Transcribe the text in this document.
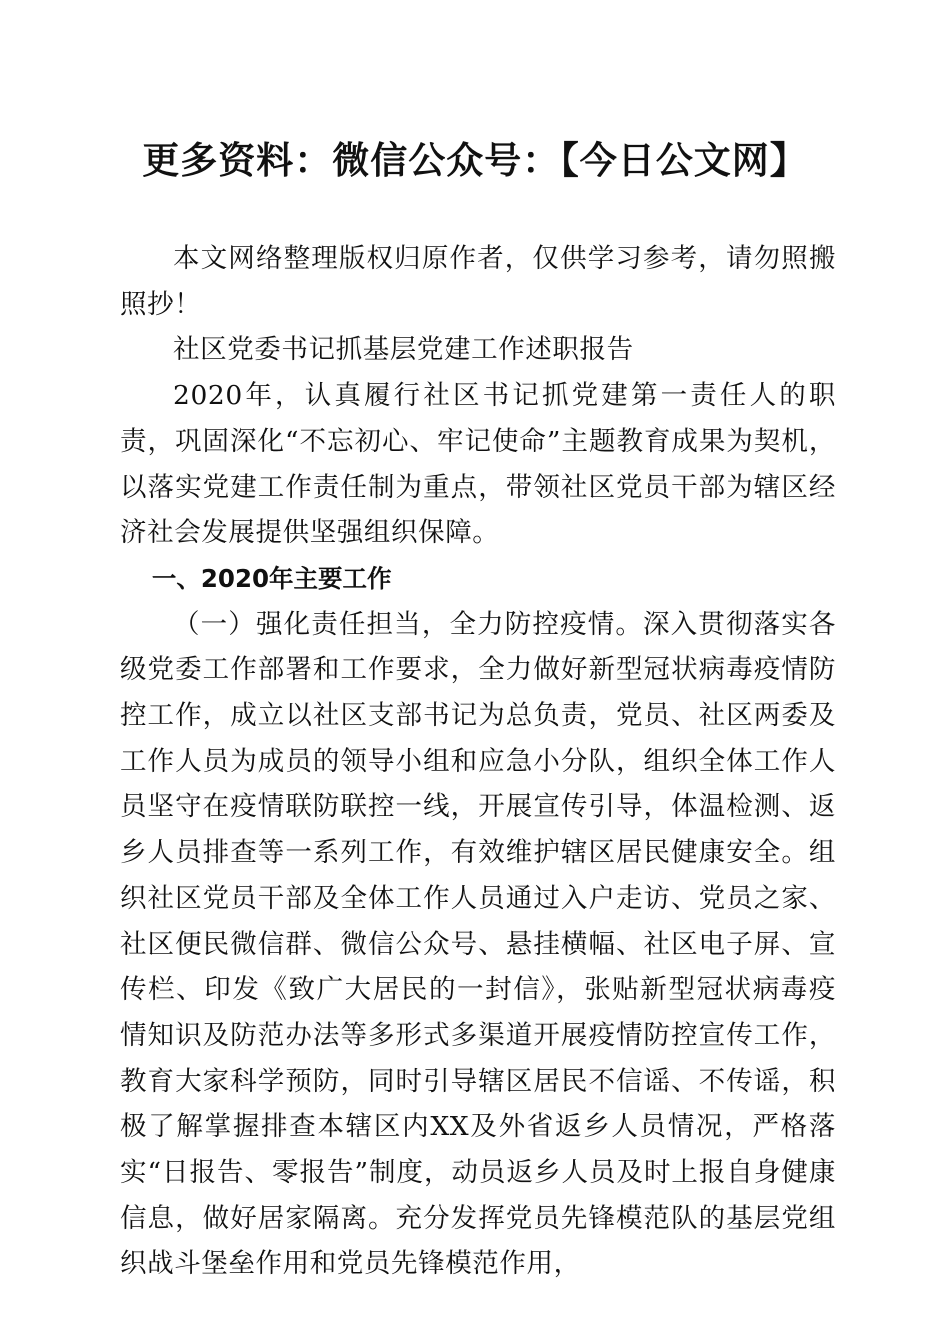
更多资料：微信公众号：【今日公文网】

本文网络整理版权归原作者，仅供学习参考，请勿照搬照抄！

社区党委书记抓基层党建工作述职报告

2020年，认真履行社区书记抓党建第一责任人的职责，巩固深化“不忘初心、牢记使命”主题教育成果为契机，以落实党建工作责任制为重点，带领社区党员干部为辖区经济社会发展提供坚强组织保障。

一、2020年主要工作

（一）强化责任担当，全力防控疫情。深入贯彻落实各级党委工作部署和工作要求，全力做好新型冠状病毒疫情防控工作，成立以社区支部书记为总负责，党员、社区两委及工作人员为成员的领导小组和应急小分队，组织全体工作人员坚守在疫情联防联控一线，开展宣传引导，体温检测、返乡人员排查等一系列工作，有效维护辖区居民健康安全。组织社区党员干部及全体工作人员通过入户走访、党员之家、社区便民微信群、微信公众号、悬挂横幅、社区电子屏、宣传栏、印发《致广大居民的一封信》，张贴新型冠状病毒疫情知识及防范办法等多形式多渠道开展疫情防控宣传工作，教育大家科学预防，同时引导辖区居民不信谣、不传谣，积极了解掌握排查本辖区内XX及外省返乡人员情况，严格落实“日报告、零报告”制度，动员返乡人员及时上报自身健康信息，做好居家隔离。充分发挥党员先锋模范队的基层党组织战斗堡垒作用和党员先锋模范作用，
